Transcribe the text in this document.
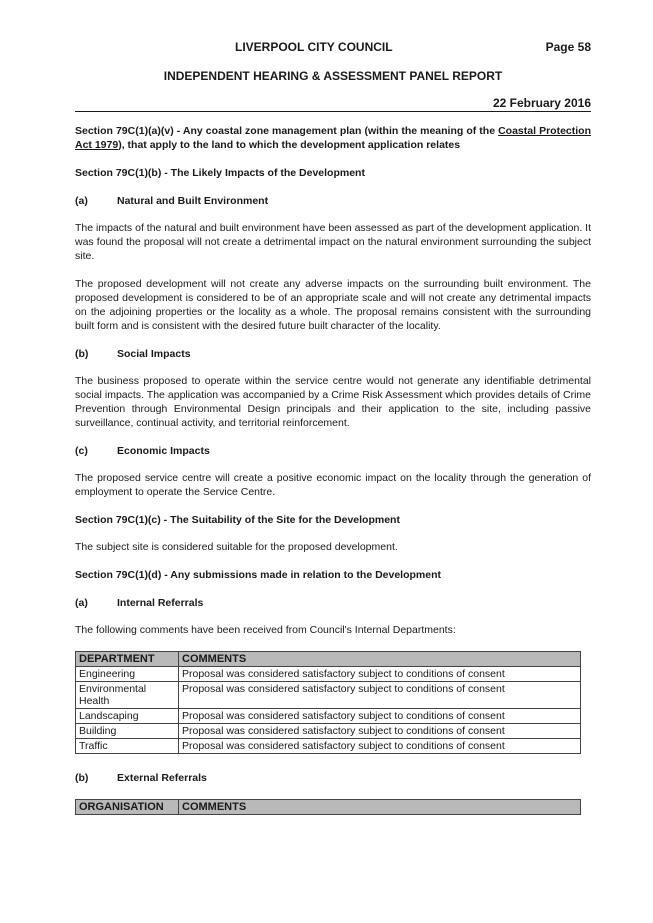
LIVERPOOL CITY COUNCIL	Page 58
INDEPENDENT HEARING & ASSESSMENT PANEL REPORT
22 February 2016

Section 79C(1)(a)(v) - Any coastal zone management plan (within the meaning of the Coastal Protection Act 1979), that apply to the land to which the development application relates

Section 79C(1)(b) - The Likely Impacts of the Development

(a)	Natural and Built Environment

The impacts of the natural and built environment have been assessed as part of the development application. It was found the proposal will not create a detrimental impact on the natural environment surrounding the subject site.

The proposed development will not create any adverse impacts on the surrounding built environment. The proposed development is considered to be of an appropriate scale and will not create any detrimental impacts on the adjoining properties or the locality as a whole. The proposal remains consistent with the surrounding built form and is consistent with the desired future built character of the locality.

(b)	Social Impacts

The business proposed to operate within the service centre would not generate any identifiable detrimental social impacts. The application was accompanied by a Crime Risk Assessment which provides details of Crime Prevention through Environmental Design principals and their application to the site, including passive surveillance, continual activity, and territorial reinforcement.

(c)	Economic Impacts

The proposed service centre will create a positive economic impact on the locality through the generation of employment to operate the Service Centre.

Section 79C(1)(c) - The Suitability of the Site for the Development

The subject site is considered suitable for the proposed development.

Section 79C(1)(d) - Any submissions made in relation to the Development

(a)	Internal Referrals

The following comments have been received from Council's Internal Departments:

DEPARTMENT	COMMENTS
Engineering	Proposal was considered satisfactory subject to conditions of consent
Environmental Health	Proposal was considered satisfactory subject to conditions of consent
Landscaping	Proposal was considered satisfactory subject to conditions of consent
Building	Proposal was considered satisfactory subject to conditions of consent
Traffic	Proposal was considered satisfactory subject to conditions of consent
(b)	External Referrals
ORGANISATION	COMMENTS
